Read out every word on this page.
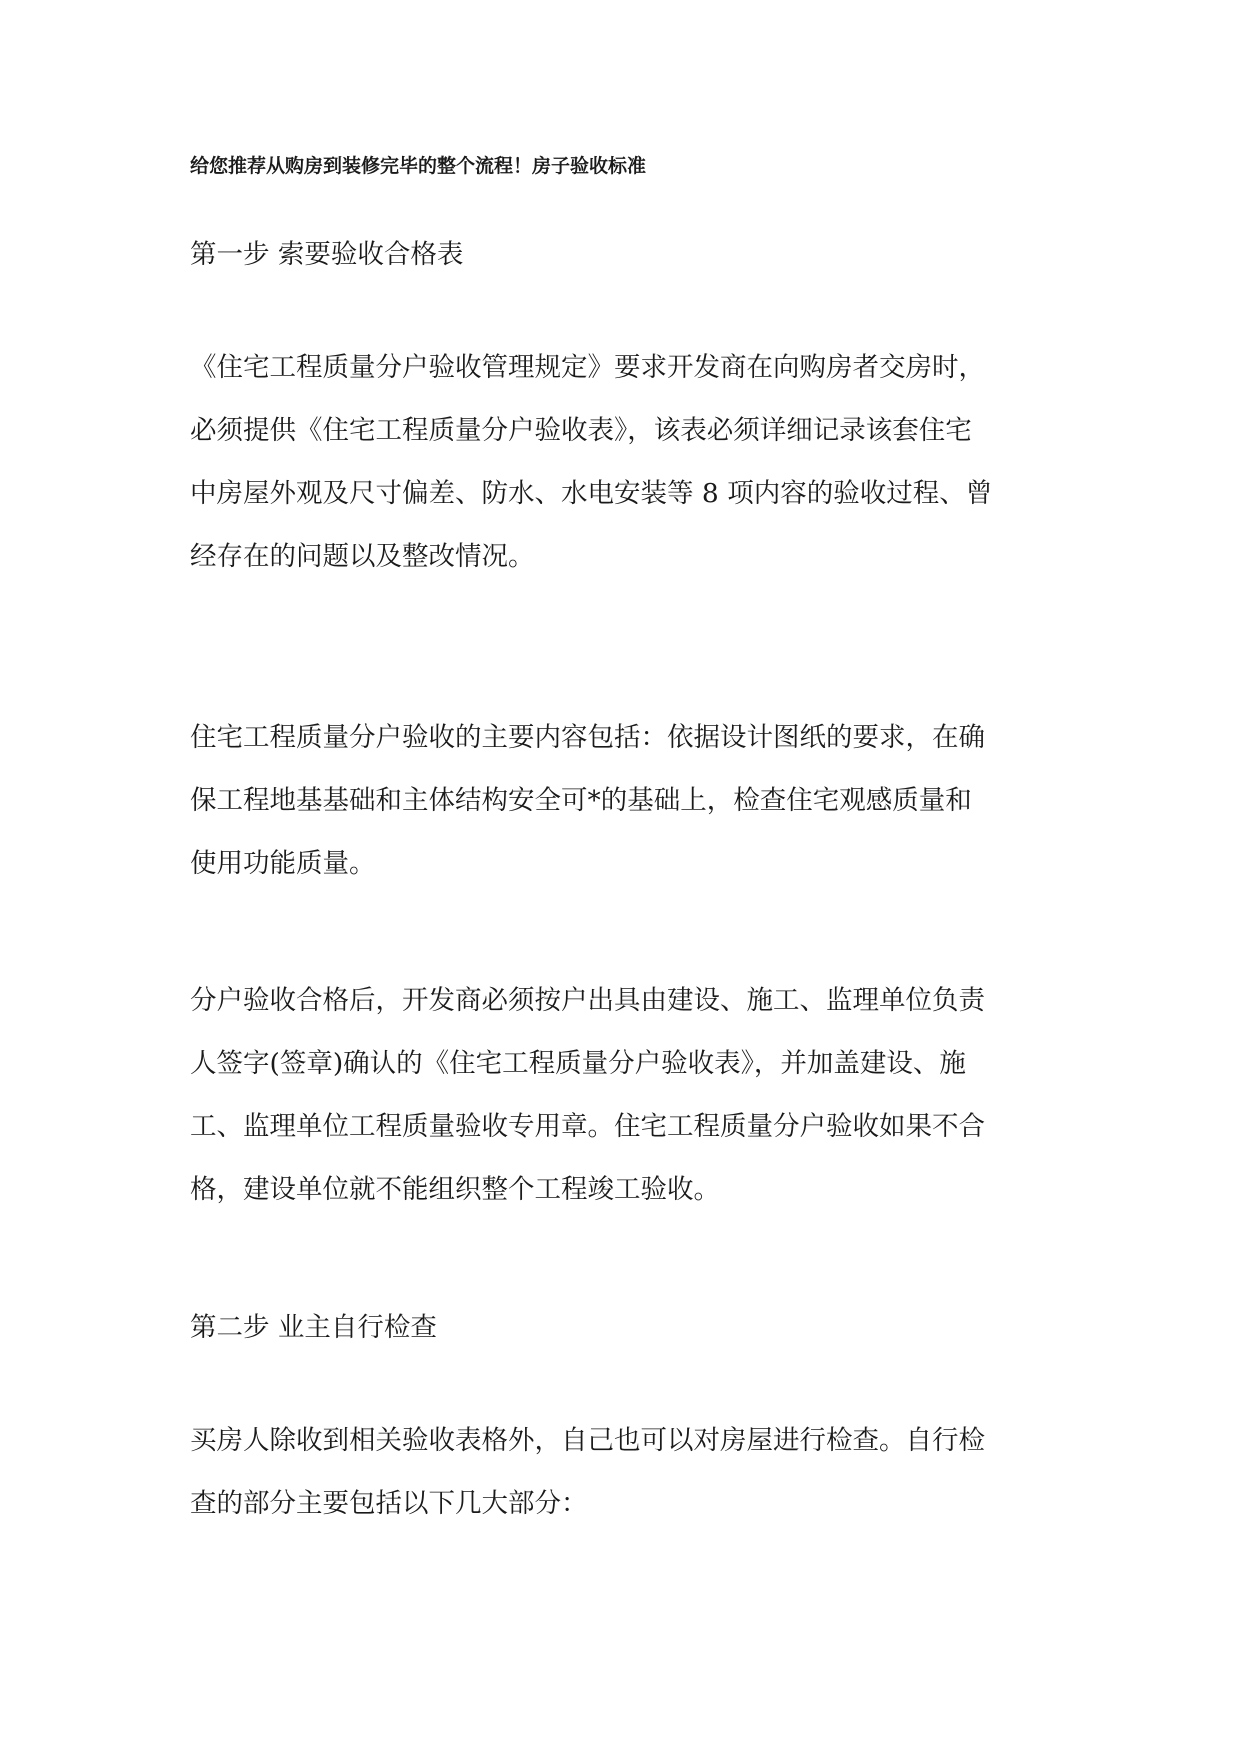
给您推荐从购房到装修完毕的整个流程！房子验收标准
第一步 索要验收合格表
《住宅工程质量分户验收管理规定》要求开发商在向购房者交房时，
必须提供《住宅工程质量分户验收表》，该表必须详细记录该套住宅
中房屋外观及尺寸偏差、防水、水电安装等 8 项内容的验收过程、曾
经存在的问题以及整改情况。
住宅工程质量分户验收的主要内容包括：依据设计图纸的要求，在确
保工程地基基础和主体结构安全可*的基础上，检查住宅观感质量和
使用功能质量。
分户验收合格后，开发商必须按户出具由建设、施工、监理单位负责
人签字(签章)确认的《住宅工程质量分户验收表》，并加盖建设、施
工、监理单位工程质量验收专用章。住宅工程质量分户验收如果不合
格，建设单位就不能组织整个工程竣工验收。
第二步 业主自行检查
买房人除收到相关验收表格外，自己也可以对房屋进行检查。自行检
查的部分主要包括以下几大部分：
